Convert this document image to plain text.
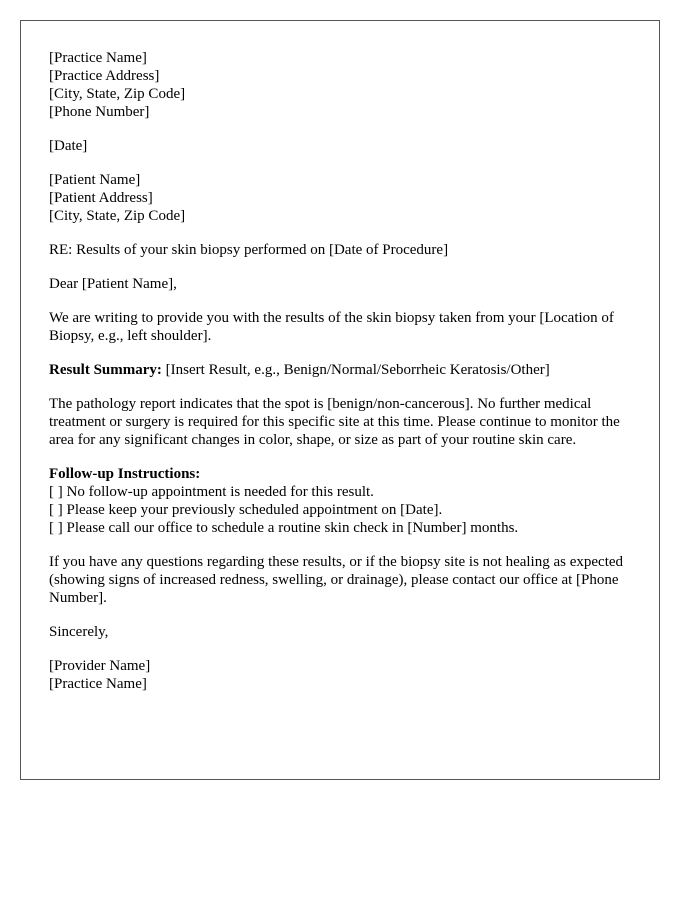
[Practice Name]
[Practice Address]
[City, State, Zip Code]
[Phone Number]
[Date]
[Patient Name]
[Patient Address]
[City, State, Zip Code]

RE: Results of your skin biopsy performed on [Date of Procedure]

Dear [Patient Name],

We are writing to provide you with the results of the skin biopsy taken from your [Location of Biopsy, e.g., left shoulder].

Result Summary: [Insert Result, e.g., Benign/Normal/Seborrheic Keratosis/Other]

The pathology report indicates that the spot is [benign/non-cancerous]. No further medical treatment or surgery is required for this specific site at this time. Please continue to monitor the area for any significant changes in color, shape, or size as part of your routine skin care.

Follow-up Instructions:
[ ] No follow-up appointment is needed for this result.
[ ] Please keep your previously scheduled appointment on [Date].
[ ] Please call our office to schedule a routine skin check in [Number] months.

If you have any questions regarding these results, or if the biopsy site is not healing as expected (showing signs of increased redness, swelling, or drainage), please contact our office at [Phone Number].

Sincerely,

[Provider Name]
[Practice Name]
